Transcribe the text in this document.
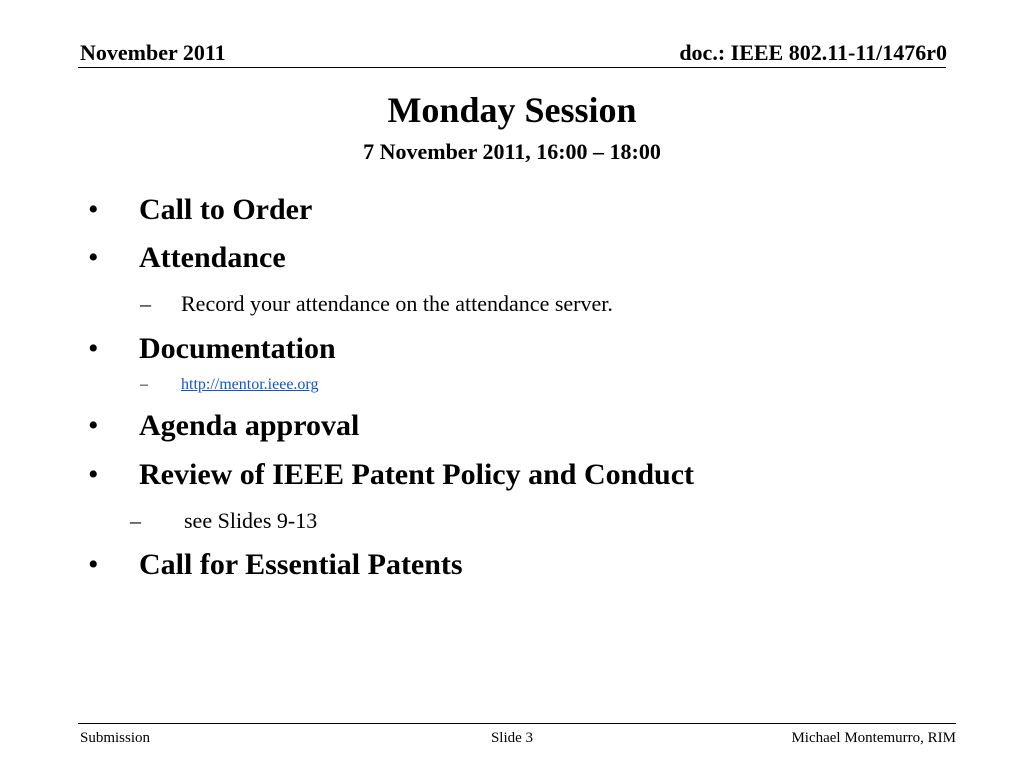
November 2011	doc.: IEEE 802.11-11/1476r0
Monday Session
7 November 2011, 16:00 – 18:00
• Call to Order
• Attendance
– Record your attendance on the attendance server.
• Documentation
– http://mentor.ieee.org
• Agenda approval
• Review of IEEE Patent Policy and Conduct
– see Slides 9-13
• Call for Essential Patents
Submission	Slide 3	Michael Montemurro, RIM
